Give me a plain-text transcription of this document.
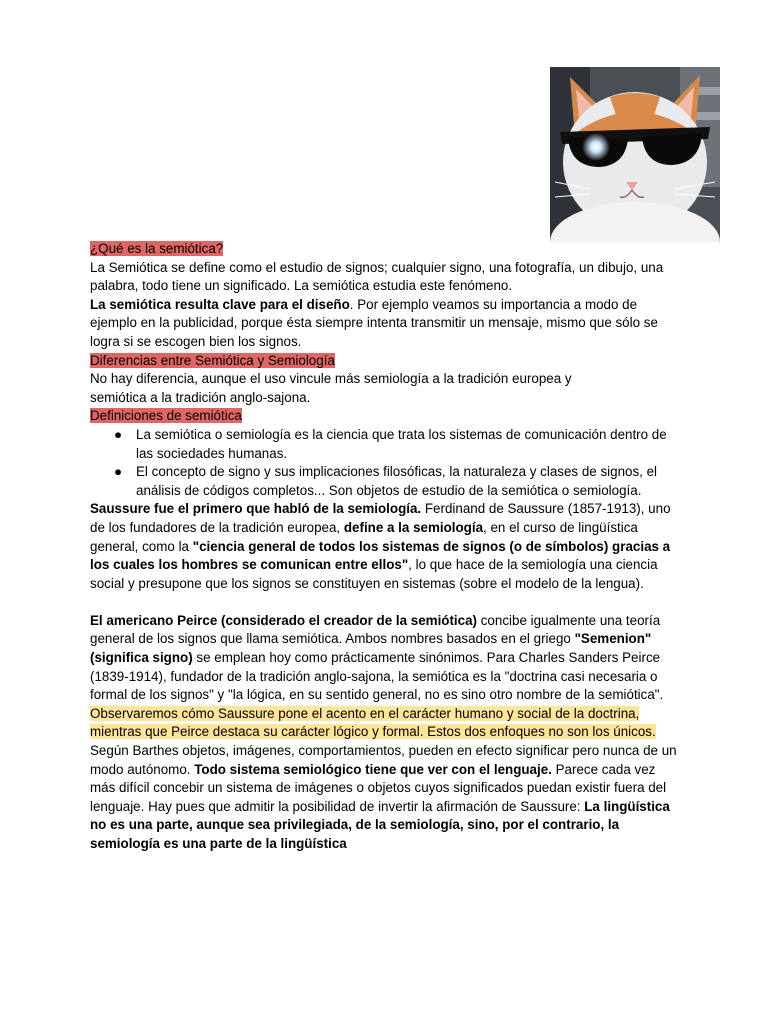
¿Qué es la semiótica?

La Semiótica se define como el estudio de signos; cualquier signo, una fotografía, un dibujo, una palabra, todo tiene un significado. La semiótica estudia este fenómeno.

La semiótica resulta clave para el diseño. Por ejemplo veamos su importancia a modo de ejemplo en la publicidad, porque ésta siempre intenta transmitir un mensaje, mismo que sólo se logra si se escogen bien los signos.

Diferencias entre Semiótica y Semiología

No hay diferencia, aunque el uso vincule más semiología a la tradición europea y

semiótica a la tradición anglo-sajona.

Definiciones de semiótica

● La semiótica o semiología es la ciencia que trata los sistemas de comunicación dentro de las sociedades humanas.
● El concepto de signo y sus implicaciones filosóficas, la naturaleza y clases de signos, el análisis de códigos completos... Son objetos de estudio de la semiótica o semiología.

Saussure fue el primero que habló de la semiología. Ferdinand de Saussure (1857-1913), uno de los fundadores de la tradición europea, define a la semiología, en el curso de lingüística general, como la "ciencia general de todos los sistemas de signos (o de símbolos) gracias a los cuales los hombres se comunican entre ellos", lo que hace de la semiología una ciencia social y presupone que los signos se constituyen en sistemas (sobre el modelo de la lengua).

El americano Peirce (considerado el creador de la semiótica) concibe igualmente una teoría general de los signos que llama semiótica. Ambos nombres basados en el griego "Semenion" (significa signo) se emplean hoy como prácticamente sinónimos. Para Charles Sanders Peirce (1839-1914), fundador de la tradición anglo-sajona, la semiótica es la "doctrina casi necesaria o formal de los signos" y "la lógica, en su sentido general, no es sino otro nombre de la semiótica". Observaremos cómo Saussure pone el acento en el carácter humano y social de la doctrina, mientras que Peirce destaca su carácter lógico y formal. Estos dos enfoques no son los únicos.

Según Barthes objetos, imágenes, comportamientos, pueden en efecto significar pero nunca de un modo autónomo. Todo sistema semiológico tiene que ver con el lenguaje. Parece cada vez más difícil concebir un sistema de imágenes o objetos cuyos significados puedan existir fuera del lenguaje. Hay pues que admitir la posibilidad de invertir la afirmación de Saussure: La lingüística no es una parte, aunque sea privilegiada, de la semiología, sino, por el contrario, la semiología es una parte de la lingüística
